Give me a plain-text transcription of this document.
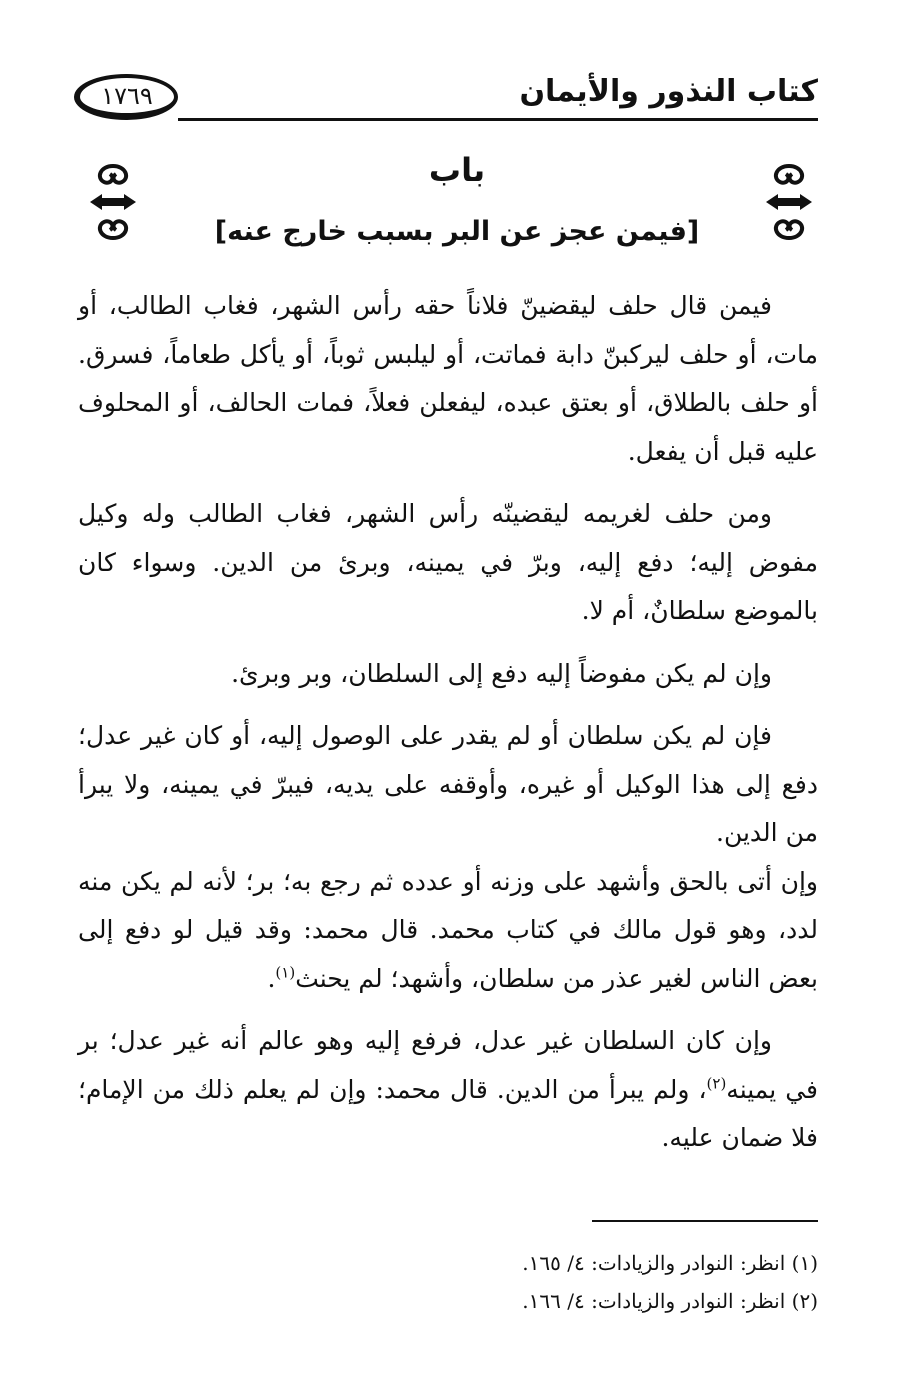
كتاب النذور والأيمان
١٧٦٩
باب
[فيمن عجز عن البر بسبب خارج عنه]

فيمن قال حلف ليقضينّ فلاناً حقه رأس الشهر، فغاب الطالب، أو مات، أو حلف ليركبنّ دابة فماتت، أو ليلبس ثوباً، أو يأكل طعاماً، فسرق. أو حلف بالطلاق، أو بعتق عبده، ليفعلن فعلاً، فمات الحالف، أو المحلوف عليه قبل أن يفعل.

ومن حلف لغريمه ليقضينّه رأس الشهر، فغاب الطالب وله وكيل مفوض إليه؛ دفع إليه، وبرّ في يمينه، وبرئ من الدين. وسواء كان بالموضع سلطانٌ، أم لا.

وإن لم يكن مفوضاً إليه دفع إلى السلطان، وبر وبرئ.

فإن لم يكن سلطان أو لم يقدر على الوصول إليه، أو كان غير عدل؛ دفع إلى هذا الوكيل أو غيره، وأوقفه على يديه، فيبرّ في يمينه، ولا يبرأ من الدين.

وإن أتى بالحق وأشهد على وزنه أو عدده ثم رجع به؛ بر؛ لأنه لم يكن منه لدد، وهو قول مالك في كتاب محمد. قال محمد: وقد قيل لو دفع إلى بعض الناس لغير عذر من سلطان، وأشهد؛ لم يحنث$^{(١)}$.

وإن كان السلطان غير عدل، فرفع إليه وهو عالم أنه غير عدل؛ بر في يمينه$^{(٢)}$، ولم يبرأ من الدين. قال محمد: وإن لم يعلم ذلك من الإمام؛ فلا ضمان عليه.

(١) انظر: النوادر والزيادات: ٤/ ١٦٥.
(٢) انظر: النوادر والزيادات: ٤/ ١٦٦.
